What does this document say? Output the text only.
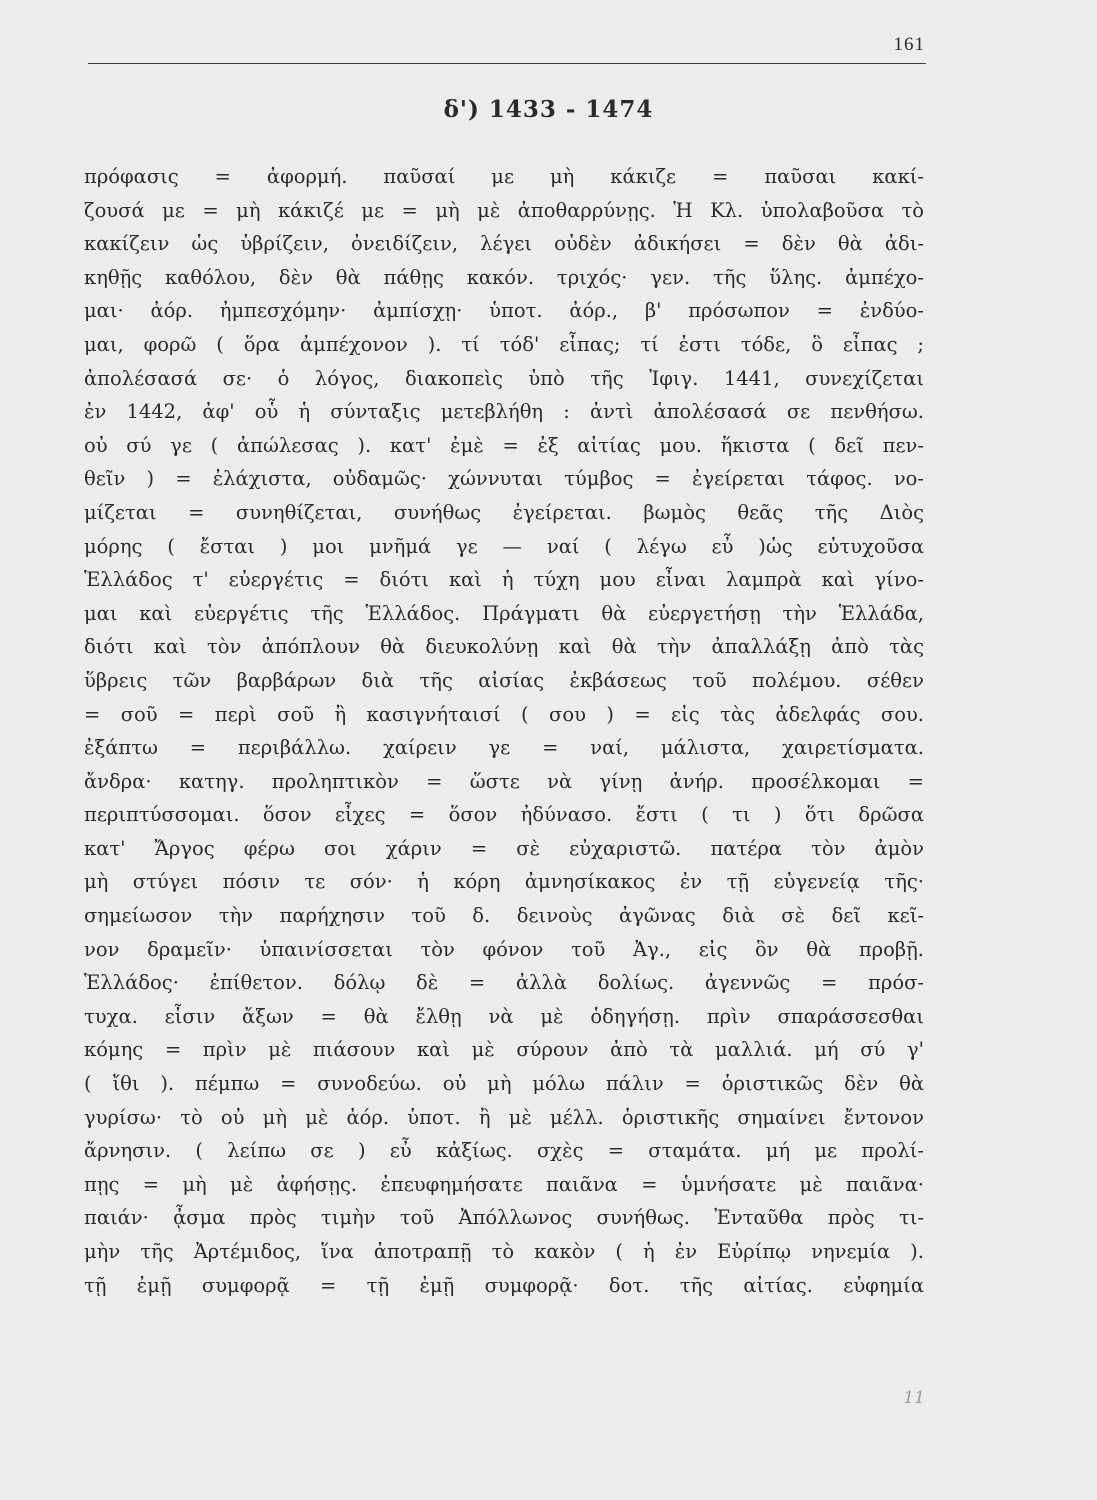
161
δ') 1433 - 1474
πρόφασις = ἀφορμή. παῦσαί με μὴ κάκιζε = παῦσαι κακί-
ζουσά με = μὴ κάκιζέ με = μὴ μὲ ἀποθαρρύνῃς. Ἡ Κλ. ὑπολαβοῦσα τὸ
κακίζειν ὡς ὑβρίζειν, ὀνειδίζειν, λέγει οὐδὲν ἀδικήσει = δὲν θὰ ἀδι-
κηθῇς καθόλου, δὲν θὰ πάθῃς κακόν. τριχός· γεν. τῆς ὕλης. ἀμπέχο-
μαι· ἀόρ. ἠμπεσχόμην· ἀμπίσχῃ· ὑποτ. ἀόρ., β' πρόσωπον = ἐνδύο-
μαι, φορῶ ( ὅρα ἀμπέχονον ). τί τόδ' εἶπας; τί ἐστι τόδε, ὃ εἶπας ;
ἀπολέσασά σε· ὁ λόγος, διακοπεὶς ὑπὸ τῆς Ἰφιγ. 1441, συνεχίζεται
ἐν 1442, ἀφ' οὗ ἡ σύνταξις μετεβλήθη : ἀντὶ ἀπολέσασά σε πενθήσω.
οὐ σύ γε ( ἀπώλεσας ). κατ' ἐμὲ = ἐξ αἰτίας μου. ἥκιστα ( δεῖ πεν-
θεῖν ) = ἐλάχιστα, οὐδαμῶς· χώννυται τύμβος = ἐγείρεται τάφος. νο-
μίζεται = συνηθίζεται, συνήθως ἐγείρεται. βωμὸς θεᾶς τῆς Διὸς
μόρης ( ἔσται ) μοι μνῆμά γε — ναί ( λέγω εὖ )ὡς εὐτυχοῦσα
Ἑλλάδος τ' εὐεργέτις = διότι καὶ ἡ τύχη μου εἶναι λαμπρὰ καὶ γίνο-
μαι καὶ εὐεργέτις τῆς Ἑλλάδος. Πράγματι θὰ εὐεργετήσῃ τὴν Ἑλλάδα,
διότι καὶ τὸν ἀπόπλουν θὰ διευκολύνῃ καὶ θὰ τὴν ἀπαλλάξῃ ἀπὸ τὰς
ὕβρεις τῶν βαρβάρων διὰ τῆς αἰσίας ἐκβάσεως τοῦ πολέμου. σέθεν
= σοῦ = περὶ σοῦ ἢ κασιγνήταισί ( σου ) = εἰς τὰς ἀδελφάς σου.
ἐξάπτω = περιβάλλω. χαίρειν γε = ναί, μάλιστα, χαιρετίσματα.
ἄνδρα· κατηγ. προληπτικὸν = ὥστε νὰ γίνῃ ἀνήρ. προσέλκομαι =
περιπτύσσομαι. ὅσον εἶχες = ὅσον ἠδύνασο. ἔστι ( τι ) ὅτι δρῶσα
κατ' Ἄργος φέρω σοι χάριν = σὲ εὐχαριστῶ. πατέρα τὸν ἀμὸν
μὴ στύγει πόσιν τε σόν· ἡ κόρη ἀμνησίκακος ἐν τῇ εὐγενείᾳ τῆς·
σημείωσον τὴν παρήχησιν τοῦ δ. δεινοὺς ἀγῶνας διὰ σὲ δεῖ κεῖ-
νον δραμεῖν· ὑπαινίσσεται τὸν φόνον τοῦ Ἀγ., εἰς ὃν θὰ προβῇ.
Ἑλλάδος· ἐπίθετον. δόλῳ δὲ = ἀλλὰ δολίως. ἀγεννῶς = πρόσ-
τυχα. εἶσιν ἄξων = θὰ ἔλθῃ νὰ μὲ ὁδηγήσῃ. πρὶν σπαράσσεσθαι
κόμης = πρὶν μὲ πιάσουν καὶ μὲ σύρουν ἀπὸ τὰ μαλλιά. μή σύ γ'
( ἴθι ). πέμπω = συνοδεύω. οὐ μὴ μόλω πάλιν = ὁριστικῶς δὲν θὰ
γυρίσω· τὸ οὐ μὴ μὲ ἀόρ. ὑποτ. ἢ μὲ μέλλ. ὁριστικῆς σημαίνει ἔντονον
ἄρνησιν. ( λείπω σε ) εὖ κἀξίως. σχὲς = σταμάτα. μή με προλί-
πῃς = μὴ μὲ ἀφήσῃς. ἐπευφημήσατε παιᾶνα = ὑμνήσατε μὲ παιᾶνα·
παιάν· ᾆσμα πρὸς τιμὴν τοῦ Ἀπόλλωνος συνήθως. Ἐνταῦθα πρὸς τι-
μὴν τῆς Ἀρτέμιδος, ἵνα ἀποτραπῇ τὸ κακὸν ( ἡ ἐν Εὐρίπῳ νηνεμία ).
τῇ ἐμῇ συμφορᾷ = τῇ ἐμῇ συμφορᾷ· δοτ. τῆς αἰτίας. εὐφημία
11
